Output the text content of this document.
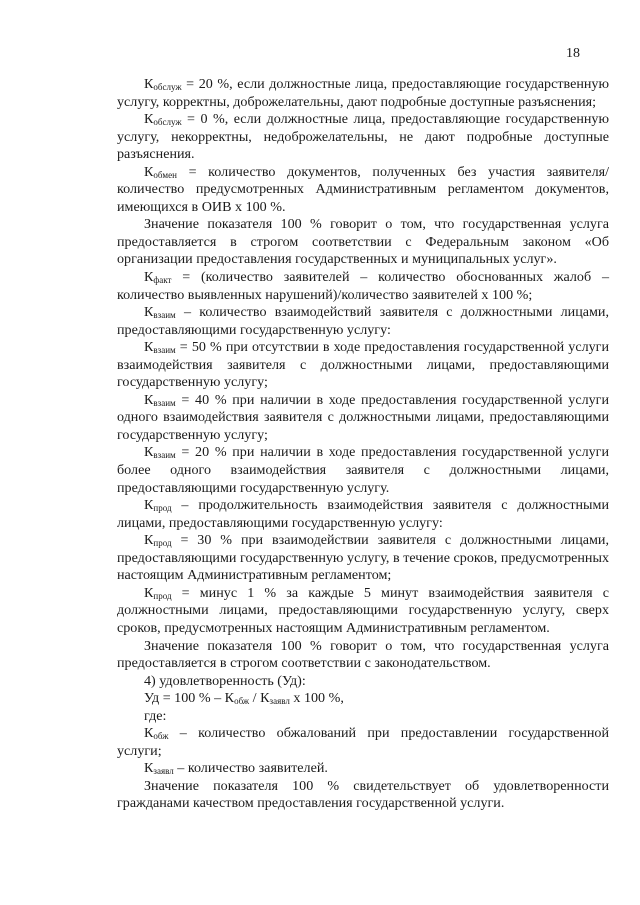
18

$К_{обслуж} = 20$ %, если должностные лица, предоставляющие государственную услугу, корректны, доброжелательны, дают подробные доступные разъяснения;

$К_{обслуж} = 0$ %, если должностные лица, предоставляющие государственную услугу, некорректны, недоброжелательны, не дают подробные доступные разъяснения.

$К_{обмен}$ = количество документов, полученных без участия заявителя/количество предусмотренных Административным регламентом документов, имеющихся в ОИВ x 100 %.

Значение показателя 100 % говорит о том, что государственная услуга предоставляется в строгом соответствии с Федеральным законом «Об организации предоставления государственных и муниципальных услуг».

$К_{факт}$ = (количество заявителей – количество обоснованных жалоб – количество выявленных нарушений)/количество заявителей x 100 %;

$К_{взаим}$ – количество взаимодействий заявителя с должностными лицами, предоставляющими государственную услугу:

$К_{взаим} = 50$ % при отсутствии в ходе предоставления государственной услуги взаимодействия заявителя с должностными лицами, предоставляющими государственную услугу;

$К_{взаим} = 40$ % при наличии в ходе предоставления государственной услуги одного взаимодействия заявителя с должностными лицами, предоставляющими государственную услугу;

$К_{взаим} = 20$ % при наличии в ходе предоставления государственной услуги более одного взаимодействия заявителя с должностными лицами, предоставляющими государственную услугу.

$К_{прод}$ – продолжительность взаимодействия заявителя с должностными лицами, предоставляющими государственную услугу:

$К_{прод} = 30$ % при взаимодействии заявителя с должностными лицами, предоставляющими государственную услугу, в течение сроков, предусмотренных настоящим Административным регламентом;

$К_{прод}$ = минус 1 % за каждые 5 минут взаимодействия заявителя с должностными лицами, предоставляющими государственную услугу, сверх сроков, предусмотренных настоящим Административным регламентом.

Значение показателя 100 % говорит о том, что государственная услуга предоставляется в строгом соответствии с законодательством.

4) удовлетворенность (Уд):

Уд = 100 % – $К_{обж} / К_{заявл}$ x 100 %,

где:

$К_{обж}$ – количество обжалований при предоставлении государственной услуги;

$К_{заявл}$ – количество заявителей.

Значение показателя 100 % свидетельствует об удовлетворенности гражданами качеством предоставления государственной услуги.
